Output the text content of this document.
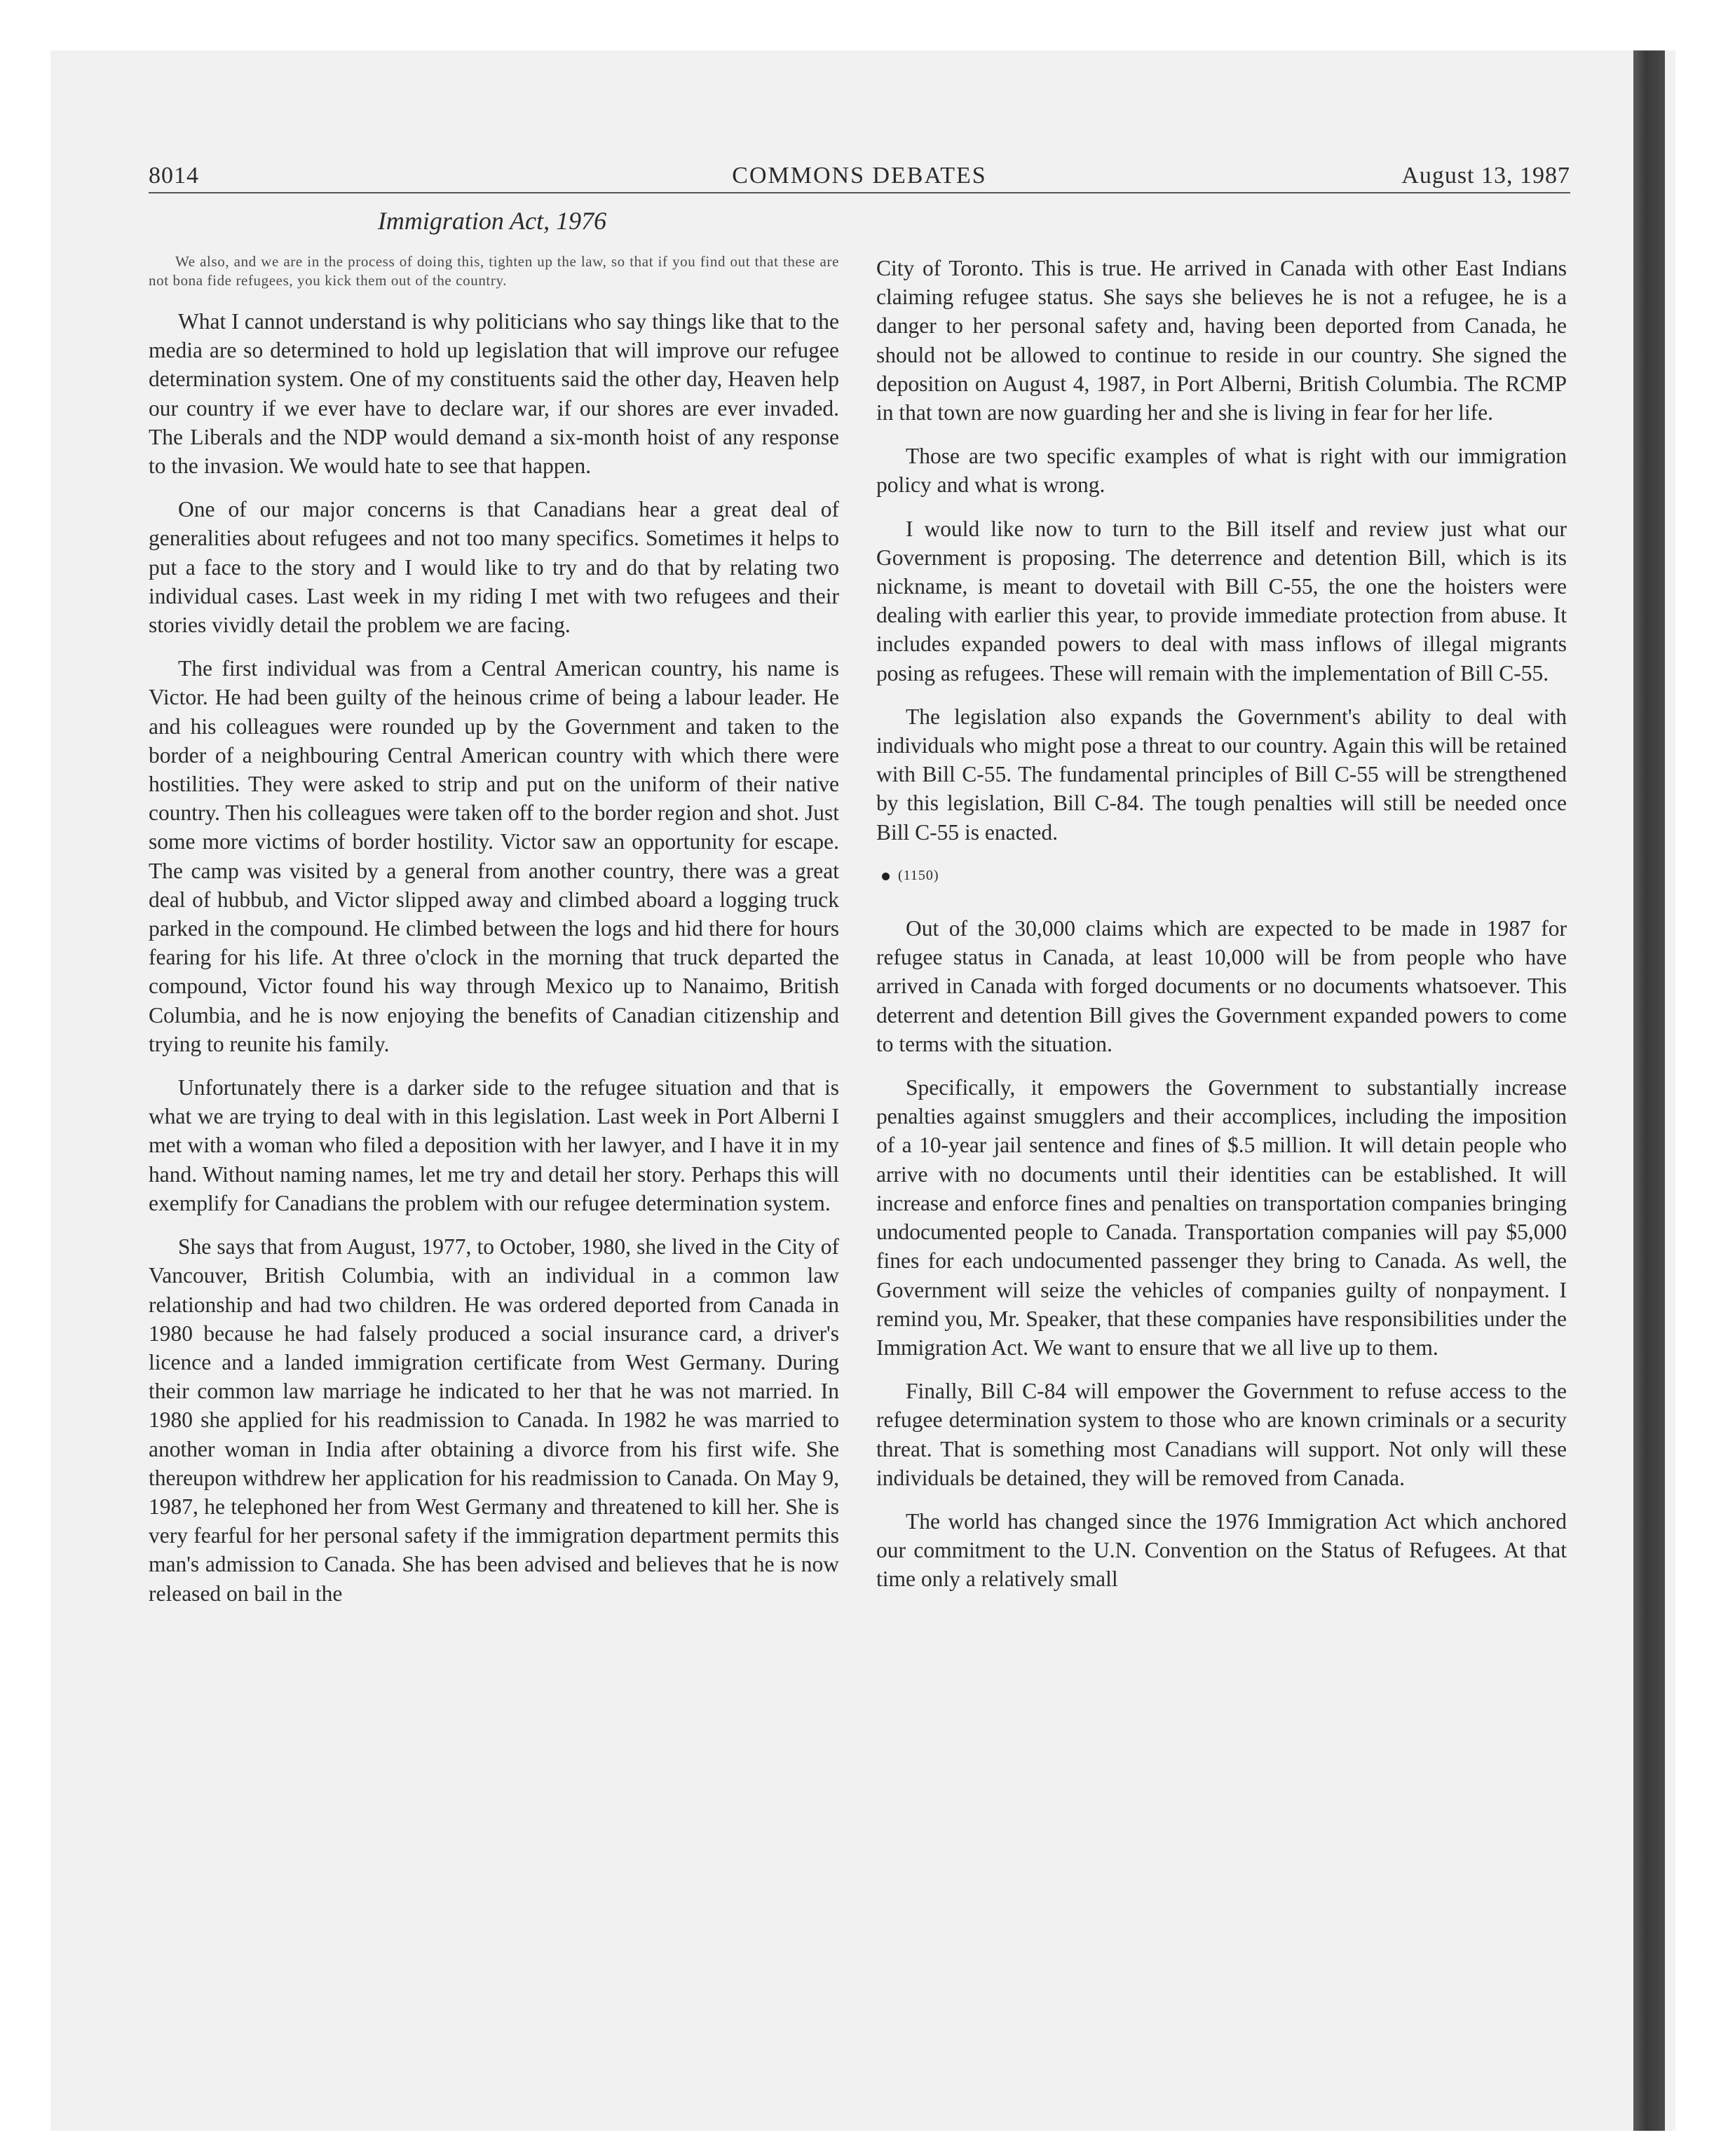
8014	COMMONS DEBATES	August 13, 1987
Immigration Act, 1976

We also, and we are in the process of doing this, tighten up the law, so that if you find out that these are not bona fide refugees, you kick them out of the country.

What I cannot understand is why politicians who say things like that to the media are so determined to hold up legislation that will improve our refugee determination system. One of my constituents said the other day, Heaven help our country if we ever have to declare war, if our shores are ever invaded. The Liberals and the NDP would demand a six-month hoist of any response to the invasion. We would hate to see that happen.

One of our major concerns is that Canadians hear a great deal of generalities about refugees and not too many specifics. Sometimes it helps to put a face to the story and I would like to try and do that by relating two individual cases. Last week in my riding I met with two refugees and their stories vividly detail the problem we are facing.

The first individual was from a Central American country, his name is Victor. He had been guilty of the heinous crime of being a labour leader. He and his colleagues were rounded up by the Government and taken to the border of a neighbouring Central American country with which there were hostilities. They were asked to strip and put on the uniform of their native country. Then his colleagues were taken off to the border region and shot. Just some more victims of border hostility. Victor saw an opportunity for escape. The camp was visited by a general from another country, there was a great deal of hubbub, and Victor slipped away and climbed aboard a logging truck parked in the compound. He climbed between the logs and hid there for hours fearing for his life. At three o'clock in the morning that truck departed the compound, Victor found his way through Mexico up to Nanaimo, British Columbia, and he is now enjoying the benefits of Canadian citizenship and trying to reunite his family.

Unfortunately there is a darker side to the refugee situation and that is what we are trying to deal with in this legislation. Last week in Port Alberni I met with a woman who filed a deposition with her lawyer, and I have it in my hand. Without naming names, let me try and detail her story. Perhaps this will exemplify for Canadians the problem with our refugee determination system.

She says that from August, 1977, to October, 1980, she lived in the City of Vancouver, British Columbia, with an individual in a common law relationship and had two children. He was ordered deported from Canada in 1980 because he had falsely produced a social insurance card, a driver's licence and a landed immigration certificate from West Germany. During their common law marriage he indicated to her that he was not married. In 1980 she applied for his readmission to Canada. In 1982 he was married to another woman in India after obtaining a divorce from his first wife. She thereupon withdrew her application for his readmission to Canada. On May 9, 1987, he telephoned her from West Germany and threatened to kill her. She is very fearful for her personal safety if the immigration department permits this man's admission to Canada. She has been advised and believes that he is now released on bail in the

City of Toronto. This is true. He arrived in Canada with other East Indians claiming refugee status. She says she believes he is not a refugee, he is a danger to her personal safety and, having been deported from Canada, he should not be allowed to continue to reside in our country. She signed the deposition on August 4, 1987, in Port Alberni, British Columbia. The RCMP in that town are now guarding her and she is living in fear for her life.

Those are two specific examples of what is right with our immigration policy and what is wrong.

I would like now to turn to the Bill itself and review just what our Government is proposing. The deterrence and detention Bill, which is its nickname, is meant to dovetail with Bill C-55, the one the hoisters were dealing with earlier this year, to provide immediate protection from abuse. It includes expanded powers to deal with mass inflows of illegal migrants posing as refugees. These will remain with the implementation of Bill C-55.

The legislation also expands the Government's ability to deal with individuals who might pose a threat to our country. Again this will be retained with Bill C-55. The fundamental principles of Bill C-55 will be strengthened by this legislation, Bill C-84. The tough penalties will still be needed once Bill C-55 is enacted.

(1150)

Out of the 30,000 claims which are expected to be made in 1987 for refugee status in Canada, at least 10,000 will be from people who have arrived in Canada with forged documents or no documents whatsoever. This deterrent and detention Bill gives the Government expanded powers to come to terms with the situation.

Specifically, it empowers the Government to substantially increase penalties against smugglers and their accomplices, including the imposition of a 10-year jail sentence and fines of $.5 million. It will detain people who arrive with no documents until their identities can be established. It will increase and enforce fines and penalties on transportation companies bringing undocumented people to Canada. Transportation companies will pay $5,000 fines for each undocumented passenger they bring to Canada. As well, the Government will seize the vehicles of companies guilty of nonpayment. I remind you, Mr. Speaker, that these companies have responsibilities under the Immigration Act. We want to ensure that we all live up to them.

Finally, Bill C-84 will empower the Government to refuse access to the refugee determination system to those who are known criminals or a security threat. That is something most Canadians will support. Not only will these individuals be detained, they will be removed from Canada.

The world has changed since the 1976 Immigration Act which anchored our commitment to the U.N. Convention on the Status of Refugees. At that time only a relatively small
